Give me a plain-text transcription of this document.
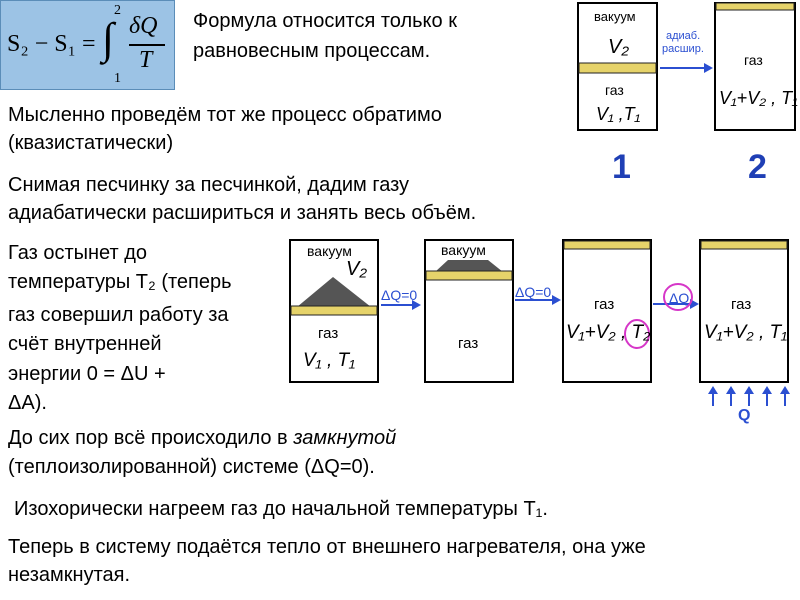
S₂ − S₁ = ∫
2
1
δQ
T
Формула относится только к
равновесным процессам.
вакуум
V₂
газ
V₁ ,T₁
адиаб.
расшир.
газ
V₁+V₂ , T₁
1	2
Мысленно проведём тот же процесс обратимо
(квазистатически)
Снимая песчинку за песчинкой, дадим газу
адиабатически расшириться и занять весь объём.
Газ остынет до
температуры T₂ (теперь
газ совершил работу за
счёт внутренней
энергии 0 = ΔU +
ΔA).
До сих пор всё происходило в замкнутой
(теплоизолированной) системе (ΔQ=0).
Изохорически нагреем газ до начальной температуры T₁.
Теперь в систему подаётся тепло от внешнего нагревателя, она уже
незамкнутая.
вакуум
V₂
газ
V₁ , T₁
ΔQ=0
вакуум
газ
ΔQ=0
газ
V₁+V₂ , T₂
ΔQ	газ
V₁+V₂ , T₁
Q
